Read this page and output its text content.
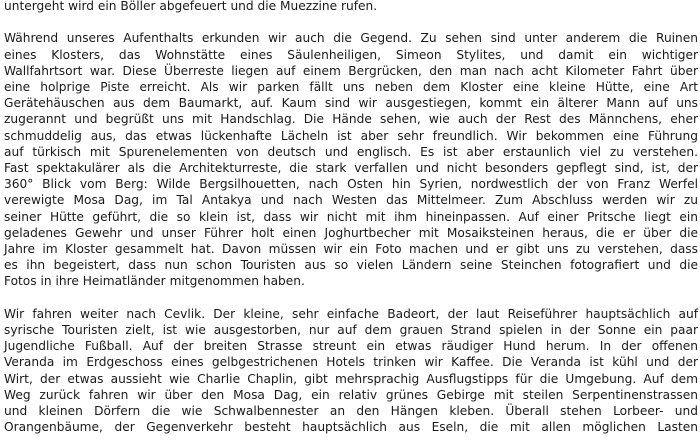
untergeht wird ein Böller abgefeuert und die Muezzine rufen.
Während unseres Aufenthalts erkunden wir auch die Gegend. Zu sehen sind unter anderem die Ruinen
eines Klosters, das Wohnstätte eines Säulenheiligen, Simeon Stylites, und damit ein wichtiger
Wallfahrtsort war. Diese Überreste liegen auf einem Bergrücken, den man nach acht Kilometer Fahrt über
eine holprige Piste erreicht. Als wir parken fällt uns neben dem Kloster eine kleine Hütte, eine Art
Gerätehäuschen aus dem Baumarkt, auf. Kaum sind wir ausgestiegen, kommt ein älterer Mann auf uns
zugerannt und begrüßt uns mit Handschlag. Die Hände sehen, wie auch der Rest des Männchens, eher
schmuddelig aus, das etwas lückenhafte Lächeln ist aber sehr freundlich. Wir bekommen eine Führung
auf türkisch mit Spurenelementen von deutsch und englisch. Es ist aber erstaunlich viel zu verstehen.
Fast spektakulärer als die Architekturreste, die stark verfallen und nicht besonders gepflegt sind, ist, der
360° Blick vom Berg: Wilde Bergsilhouetten, nach Osten hin Syrien, nordwestlich der von Franz Werfel
verewigte Mosa Dag, im Tal Antakya und nach Westen das Mittelmeer. Zum Abschluss werden wir zu
seiner Hütte geführt, die so klein ist, dass wir nicht mit ihm hineinpassen. Auf einer Pritsche liegt ein
geladenes Gewehr und unser Führer holt einen Joghurtbecher mit Mosaiksteinen heraus, die er über die
Jahre im Kloster gesammelt hat. Davon müssen wir ein Foto machen und er gibt uns zu verstehen, dass
es ihn begeistert, dass nun schon Touristen aus so vielen Ländern seine Steinchen fotografiert und die
Fotos in ihre Heimatländer mitgenommen haben.
Wir fahren weiter nach Cevlik. Der kleine, sehr einfache Badeort, der laut Reiseführer hauptsächlich auf
syrische Touristen zielt, ist wie ausgestorben, nur auf dem grauen Strand spielen in der Sonne ein paar
Jugendliche Fußball. Auf der breiten Strasse streunt ein etwas räudiger Hund herum. In der offenen
Veranda im Erdgeschoss eines gelbgestrichenen Hotels trinken wir Kaffee. Die Veranda ist kühl und der
Wirt, der etwas aussieht wie Charlie Chaplin, gibt mehrsprachig Ausflugstipps für die Umgebung. Auf dem
Weg zurück fahren wir über den Mosa Dag, ein relativ grünes Gebirge mit steilen Serpentinenstrassen
und kleinen Dörfern die wie Schwalbennester an den Hängen kleben. Überall stehen Lorbeer- und
Orangenbäume, der Gegenverkehr besteht hauptsächlich aus Eseln, die mit allen möglichen Lasten
